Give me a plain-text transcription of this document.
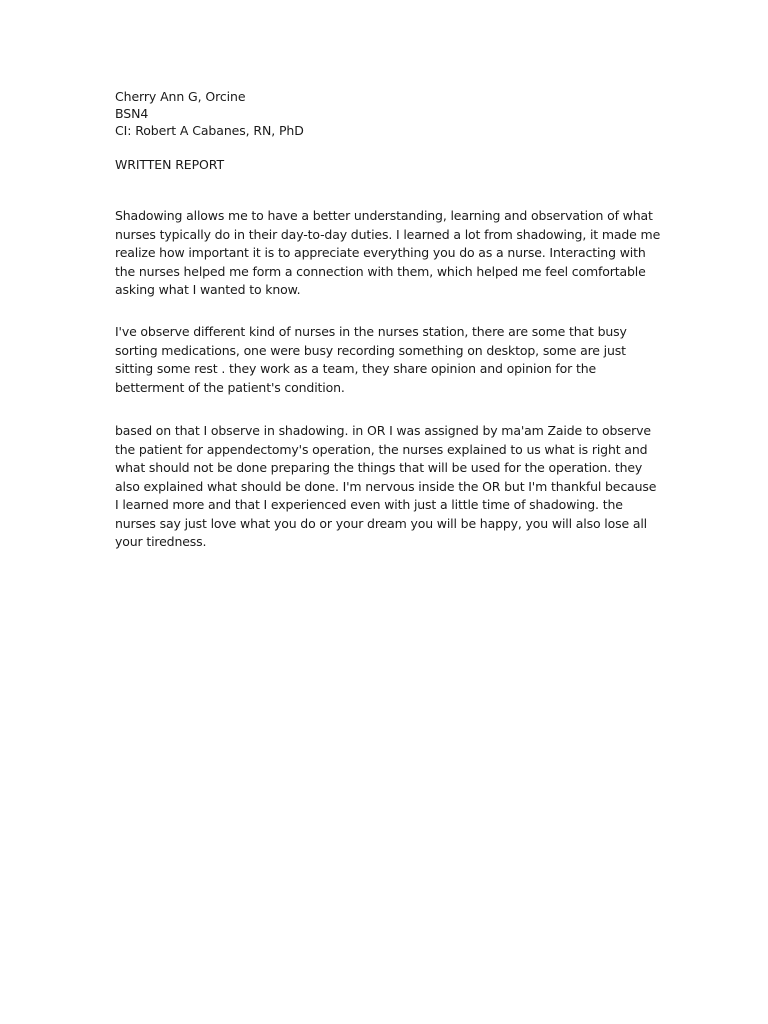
Cherry Ann G, Orcine
BSN4
CI: Robert A Cabanes, RN, PhD
WRITTEN REPORT

Shadowing allows me to have a better understanding, learning and observation of what
nurses typically do in their day-to-day duties. I learned a lot from shadowing, it made me
realize how important it is to appreciate everything you do as a nurse. Interacting with
the nurses helped me form a connection with them, which helped me feel comfortable
asking what I wanted to know.

I've observe different kind of nurses in the nurses station, there are some that busy
sorting medications, one were busy recording something on desktop, some are just
sitting some rest . they work as a team, they share opinion and opinion for the
betterment of the patient's condition.

based on that I observe in shadowing. in OR I was assigned by ma'am Zaide to observe
the patient for appendectomy's operation, the nurses explained to us what is right and
what should not be done preparing the things that will be used for the operation. they
also explained what should be done. I'm nervous inside the OR but I'm thankful because
I learned more and that I experienced even with just a little time of shadowing. the
nurses say just love what you do or your dream you will be happy, you will also lose all
your tiredness.
